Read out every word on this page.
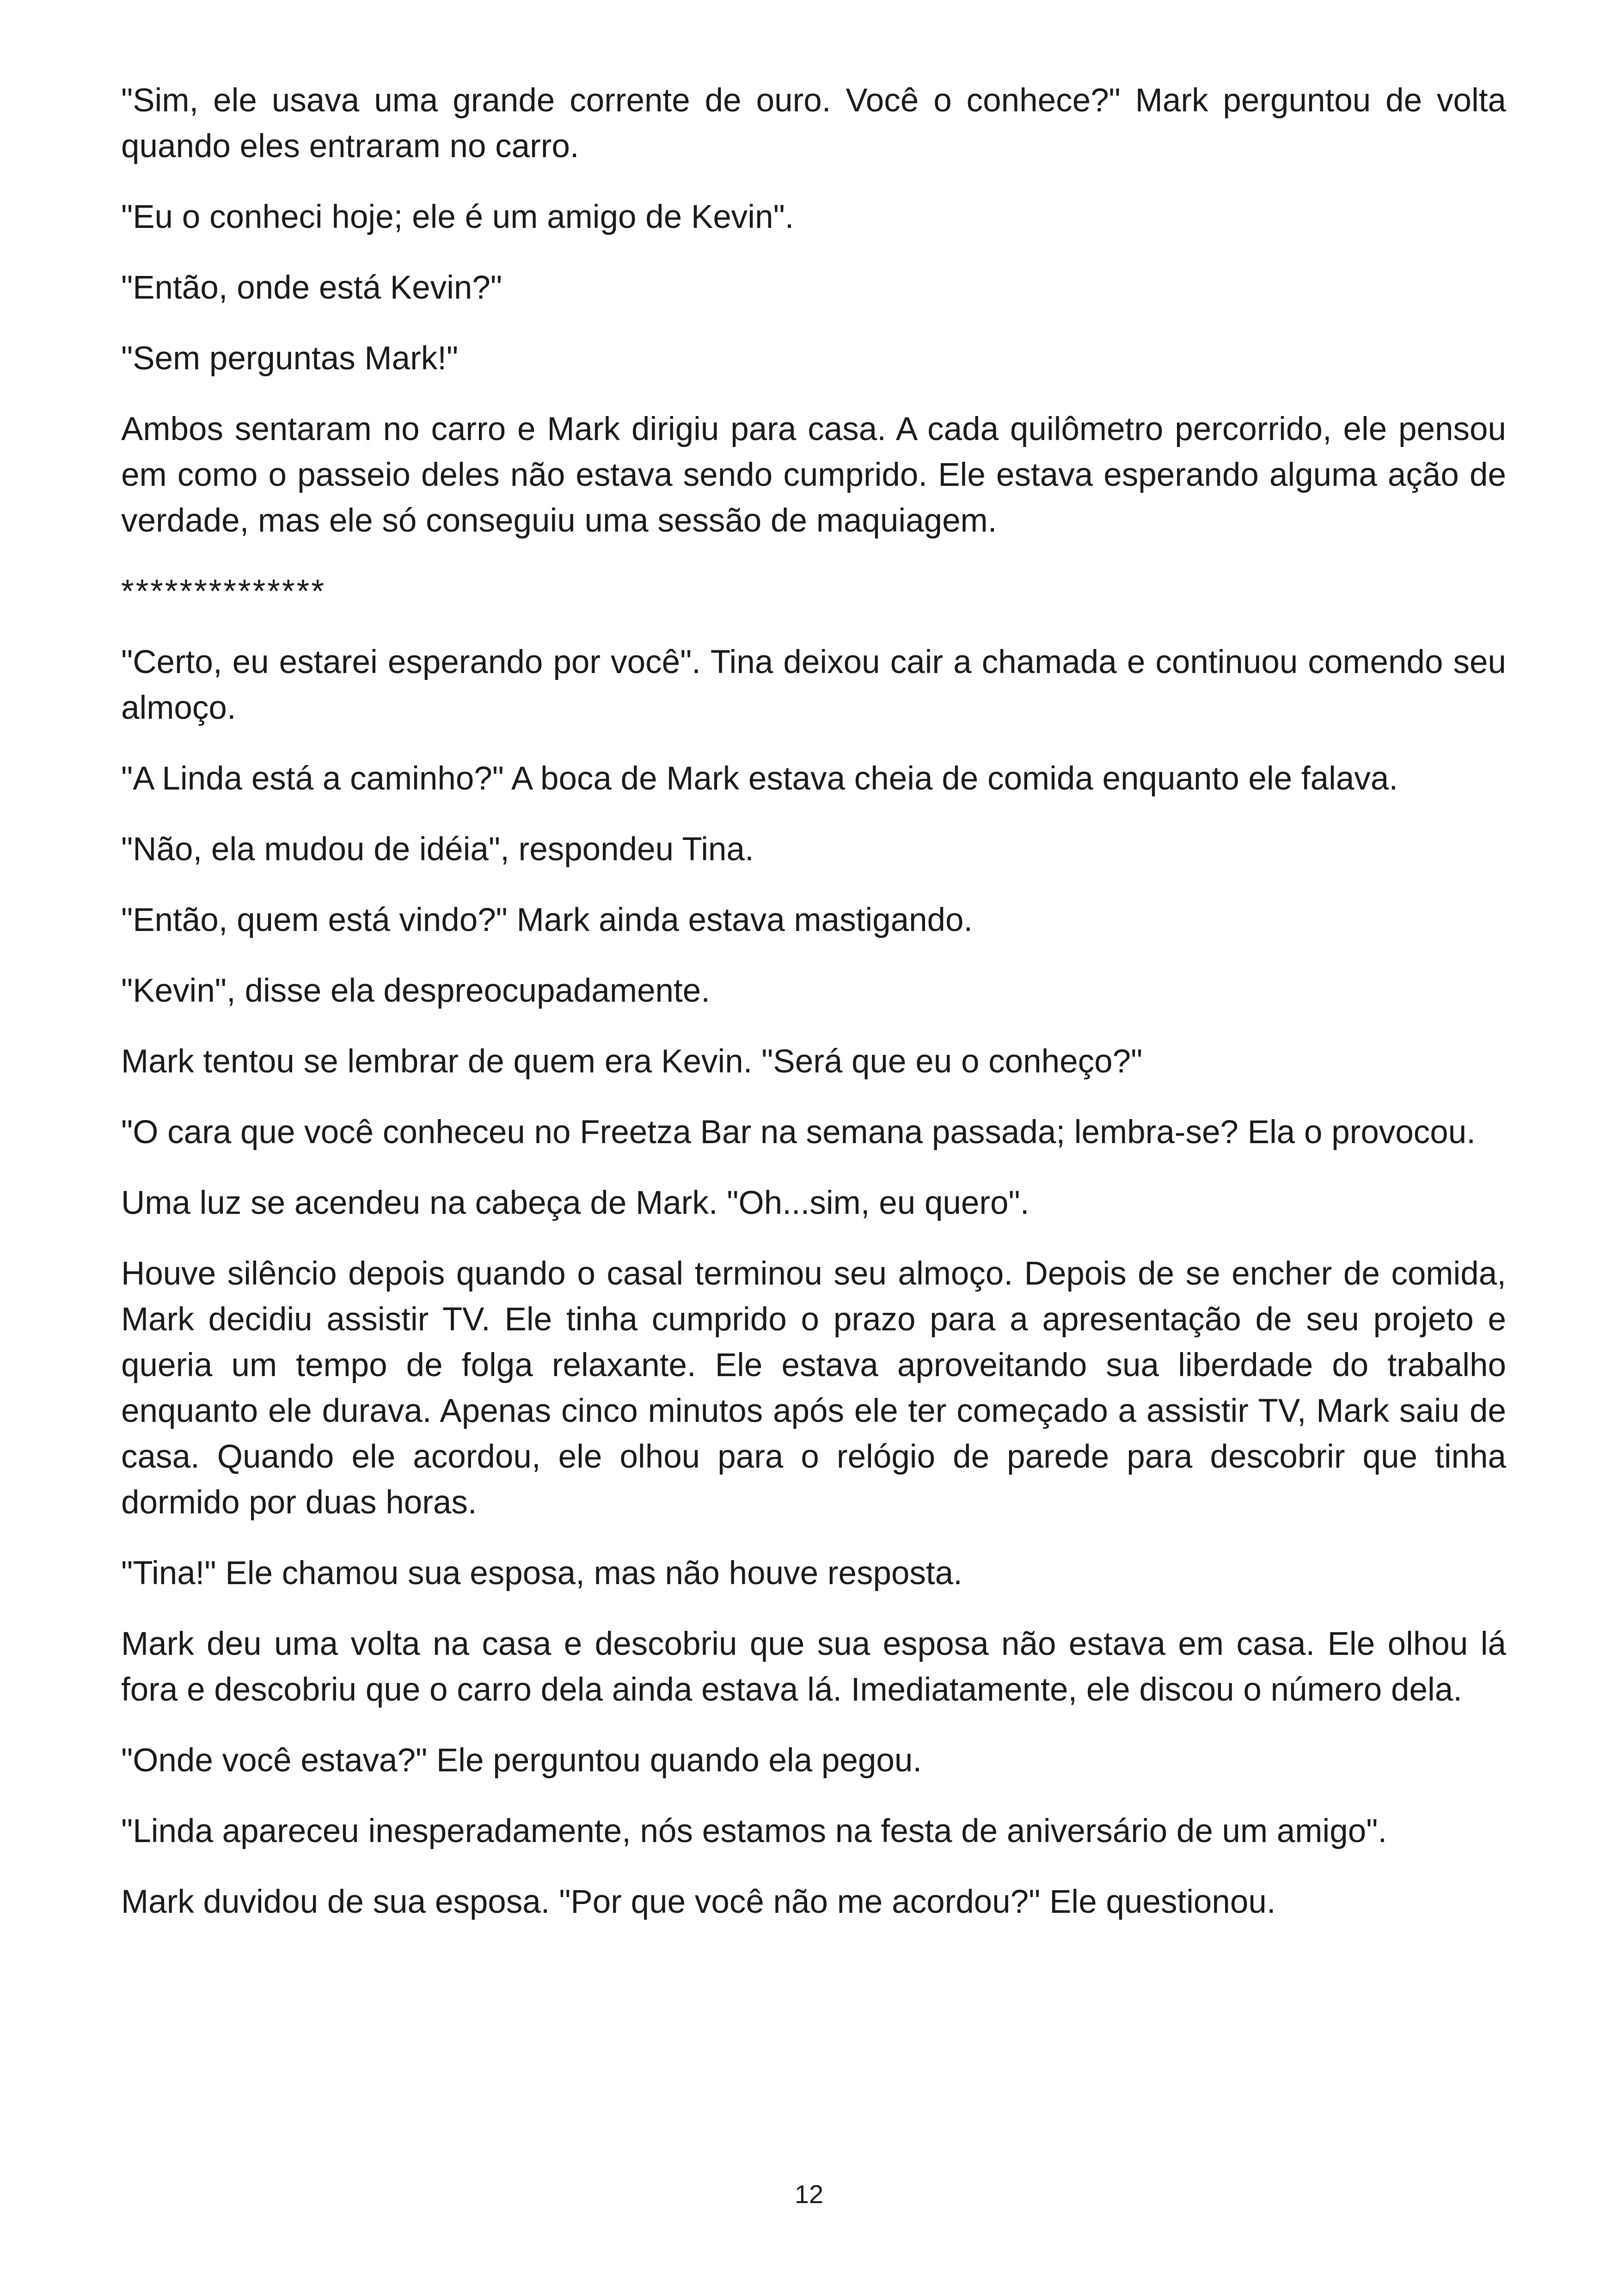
"Sim, ele usava uma grande corrente de ouro. Você o conhece?" Mark perguntou de volta quando eles entraram no carro.

"Eu o conheci hoje; ele é um amigo de Kevin".

"Então, onde está Kevin?"

"Sem perguntas Mark!"

Ambos sentaram no carro e Mark dirigiu para casa. A cada quilômetro percorrido, ele pensou em como o passeio deles não estava sendo cumprido. Ele estava esperando alguma ação de verdade, mas ele só conseguiu uma sessão de maquiagem.

**************

"Certo, eu estarei esperando por você". Tina deixou cair a chamada e continuou comendo seu almoço.

"A Linda está a caminho?" A boca de Mark estava cheia de comida enquanto ele falava.

"Não, ela mudou de idéia", respondeu Tina.

"Então, quem está vindo?" Mark ainda estava mastigando.

"Kevin", disse ela despreocupadamente.

Mark tentou se lembrar de quem era Kevin. "Será que eu o conheço?"

"O cara que você conheceu no Freetza Bar na semana passada; lembra-se? Ela o provocou.

Uma luz se acendeu na cabeça de Mark. "Oh...sim, eu quero".

Houve silêncio depois quando o casal terminou seu almoço. Depois de se encher de comida, Mark decidiu assistir TV. Ele tinha cumprido o prazo para a apresentação de seu projeto e queria um tempo de folga relaxante. Ele estava aproveitando sua liberdade do trabalho enquanto ele durava. Apenas cinco minutos após ele ter começado a assistir TV, Mark saiu de casa. Quando ele acordou, ele olhou para o relógio de parede para descobrir que tinha dormido por duas horas.

"Tina!" Ele chamou sua esposa, mas não houve resposta.

Mark deu uma volta na casa e descobriu que sua esposa não estava em casa. Ele olhou lá fora e descobriu que o carro dela ainda estava lá. Imediatamente, ele discou o número dela.

"Onde você estava?" Ele perguntou quando ela pegou.

"Linda apareceu inesperadamente, nós estamos na festa de aniversário de um amigo".

Mark duvidou de sua esposa. "Por que você não me acordou?" Ele questionou.

12
